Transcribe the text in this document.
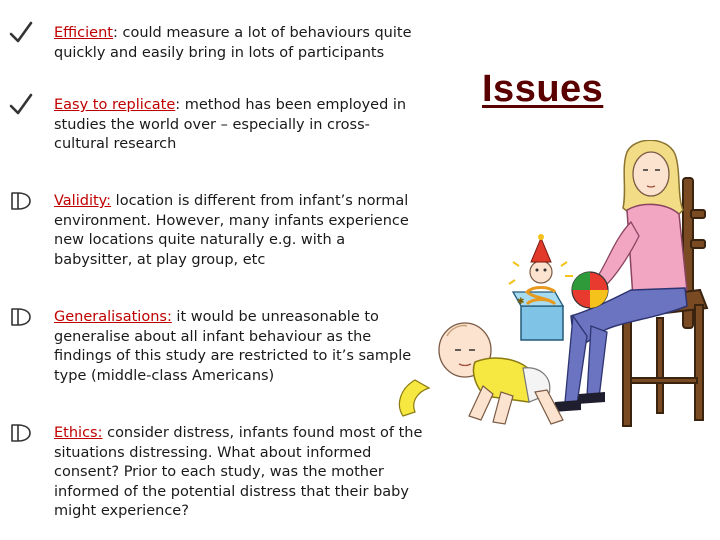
Efficient: could measure a lot of behaviours quite quickly and easily bring in lots of participants
Easy to replicate: method has been employed in studies the world over – especially in cross-cultural research
Validity: location is different from infant’s normal environment. However, many infants experience new locations quite naturally e.g. with a babysitter, at play group, etc
Generalisations: it would be unreasonable to generalise about all infant behaviour as the findings of this study are restricted to it’s sample type (middle-class Americans)
Ethics: consider distress, infants found most of the situations distressing. What about informed consent? Prior to each study, was the mother informed of the potential distress that their baby might experience?
Issues
✱
